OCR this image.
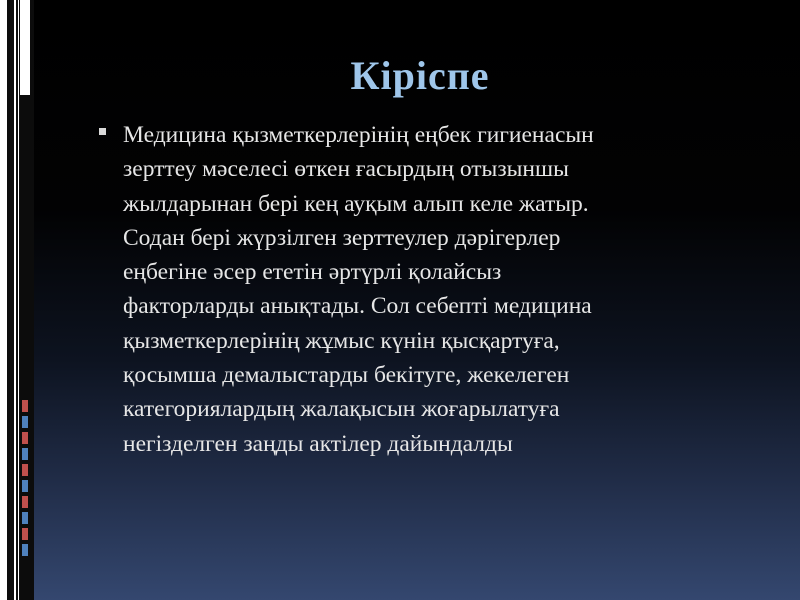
Кіріспе
Медицина қызметкерлерінің еңбек гигиенасын
зерттеу мәселесі өткен ғасырдың отызыншы
жылдарынан бері кең ауқым алып келе жатыр.
Содан бері жүрзілген зерттеулер дәрігерлер
еңбегіне әсер ететін әртүрлі қолайсыз
факторларды анықтады. Сол себепті медицина
қызметкерлерінің жұмыс күнін қысқартуға,
қосымша демалыстарды бекітуге, жекелеген
категориялардың жалақысын жоғарылатуға
негізделген заңды актілер дайындалды
